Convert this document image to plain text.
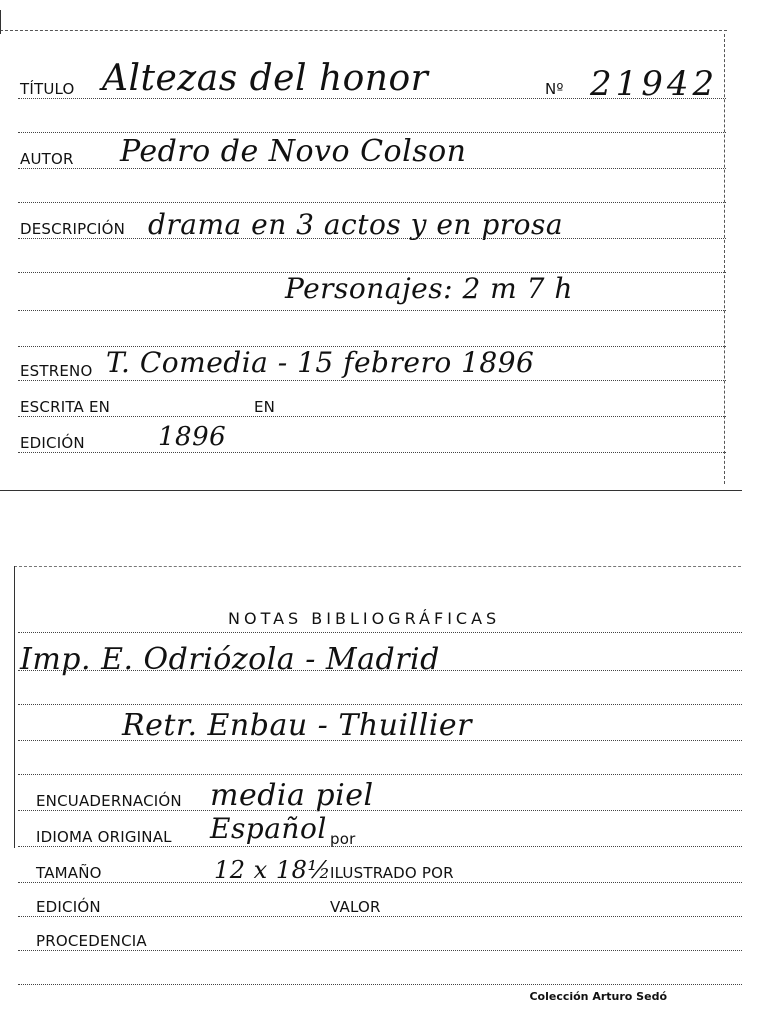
TÍTULO Altezas del honor	Nº 21942
AUTOR Pedro de Novo Colson
DESCRIPCIÓN drama en 3 actos y en prosa
Personajes: 2 m 7 h
ESTRENO T. Comedia - 15 febrero 1896
ESCRITA EN	EN
EDICIÓN	1896
NOTAS BIBLIOGRÁFICAS
Imp. E. Odriózola - Madrid
Retr. Enbau - Thuillier
ENCUADERNACIÓN media piel
IDIOMA ORIGINAL Español por
TAMAÑO	12 x 18½
ILUSTRADO POR
EDICIÓN	VALOR
PROCEDENCIA
Colección Arturo Sedó
